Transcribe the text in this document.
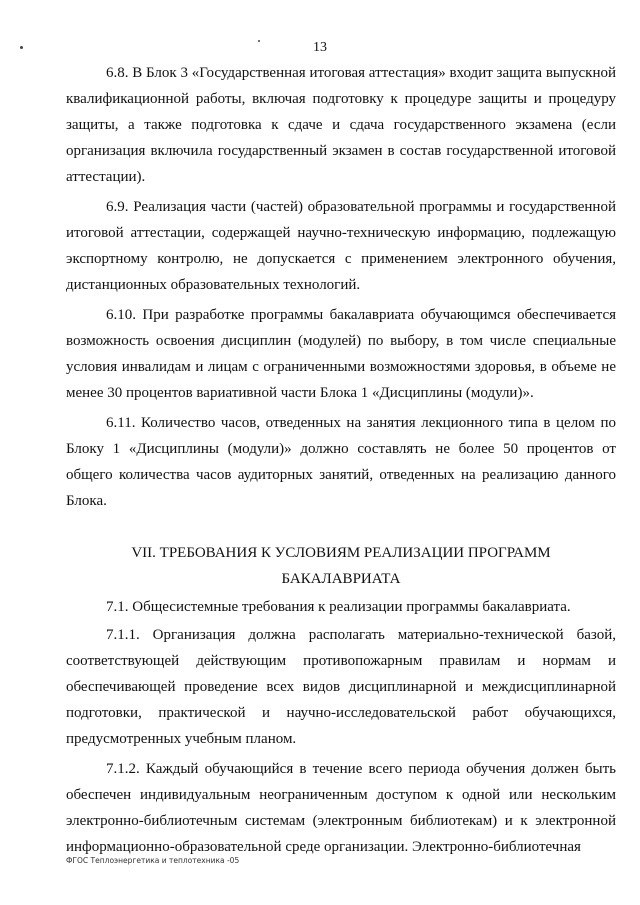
13

6.8. В Блок 3 «Государственная итоговая аттестация» входит защита выпускной квалификационной работы, включая подготовку к процедуре защиты и процедуру защиты, а также подготовка к сдаче и сдача государственного экзамена (если организация включила государственный экзамен в состав государственной итоговой аттестации).

6.9. Реализация части (частей) образовательной программы и государственной итоговой аттестации, содержащей научно-техническую информацию, подлежащую экспортному контролю, не допускается с применением электронного обучения, дистанционных образовательных технологий.

6.10. При разработке программы бакалавриата обучающимся обеспечивается возможность освоения дисциплин (модулей) по выбору, в том числе специальные условия инвалидам и лицам с ограниченными возможностями здоровья, в объеме не менее 30 процентов вариативной части Блока 1 «Дисциплины (модули)».

6.11. Количество часов, отведенных на занятия лекционного типа в целом по Блоку 1 «Дисциплины (модули)» должно составлять не более 50 процентов от общего количества часов аудиторных занятий, отведенных на реализацию данного Блока.

VII. ТРЕБОВАНИЯ К УСЛОВИЯМ РЕАЛИЗАЦИИ ПРОГРАММ

БАКАЛАВРИАТА

7.1. Общесистемные требования к реализации программы бакалавриата.

7.1.1. Организация должна располагать материально-технической базой, соответствующей действующим противопожарным правилам и нормам и обеспечивающей проведение всех видов дисциплинарной и междисциплинарной подготовки, практической и научно-исследовательской работ обучающихся, предусмотренных учебным планом.

7.1.2. Каждый обучающийся в течение всего периода обучения должен быть обеспечен индивидуальным неограниченным доступом к одной или нескольким электронно-библиотечным системам (электронным библиотекам) и к электронной информационно-образовательной среде организации. Электронно-библиотечная

ФГОС Теплоэнергетика и теплотехника -05
